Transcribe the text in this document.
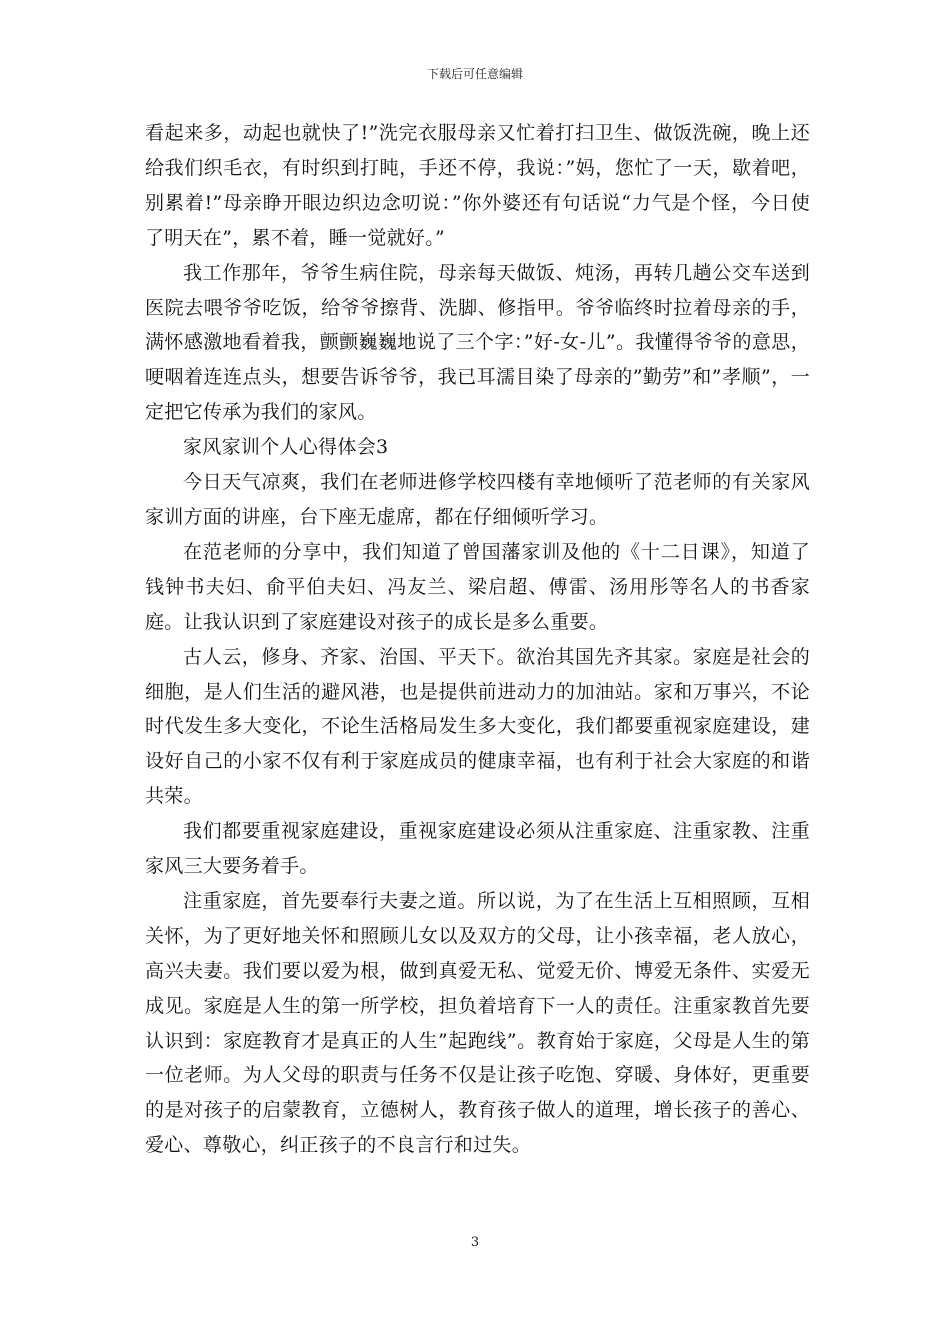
下载后可任意编辑

看起来多，动起也就快了!”洗完衣服母亲又忙着打扫卫生、做饭洗碗，晚上还给我们织毛衣，有时织到打盹，手还不停，我说：”妈，您忙了一天，歇着吧，别累着!”母亲睁开眼边织边念叨说：”你外婆还有句话说“力气是个怪，今日使了明天在”，累不着，睡一觉就好。”

我工作那年，爷爷生病住院，母亲每天做饭、炖汤，再转几趟公交车送到医院去喂爷爷吃饭，给爷爷擦背、洗脚、修指甲。爷爷临终时拉着母亲的手，满怀感激地看着我，颤颤巍巍地说了三个字：”好-女-儿”。我懂得爷爷的意思，哽咽着连连点头，想要告诉爷爷，我已耳濡目染了母亲的”勤劳”和”孝顺”，一定把它传承为我们的家风。

家风家训个人心得体会3

今日天气凉爽，我们在老师进修学校四楼有幸地倾听了范老师的有关家风家训方面的讲座，台下座无虚席，都在仔细倾听学习。

在范老师的分享中，我们知道了曾国藩家训及他的《十二日课》，知道了钱钟书夫妇、俞平伯夫妇、冯友兰、梁启超、傅雷、汤用彤等名人的书香家庭。让我认识到了家庭建设对孩子的成长是多么重要。

古人云，修身、齐家、治国、平天下。欲治其国先齐其家。家庭是社会的细胞，是人们生活的避风港，也是提供前进动力的加油站。家和万事兴，不论时代发生多大变化，不论生活格局发生多大变化，我们都要重视家庭建设，建设好自己的小家不仅有利于家庭成员的健康幸福，也有利于社会大家庭的和谐共荣。

我们都要重视家庭建设，重视家庭建设必须从注重家庭、注重家教、注重家风三大要务着手。

注重家庭，首先要奉行夫妻之道。所以说，为了在生活上互相照顾，互相关怀，为了更好地关怀和照顾儿女以及双方的父母，让小孩幸福，老人放心，高兴夫妻。我们要以爱为根，做到真爱无私、觉爱无价、博爱无条件、实爱无成见。家庭是人生的第一所学校，担负着培育下一人的责任。注重家教首先要认识到：家庭教育才是真正的人生”起跑线”。教育始于家庭，父母是人生的第一位老师。为人父母的职责与任务不仅是让孩子吃饱、穿暖、身体好，更重要的是对孩子的启蒙教育，立德树人，教育孩子做人的道理，增长孩子的善心、爱心、尊敬心，纠正孩子的不良言行和过失。

3
